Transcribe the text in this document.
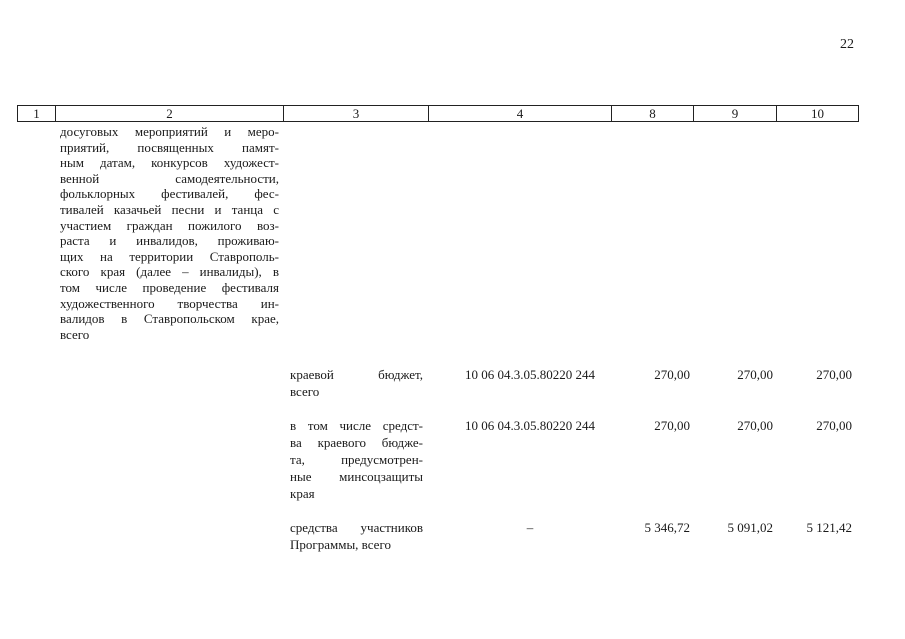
22
1	2	3	4	8	9	10
досуговых мероприятий и меро-
приятий, посвященных памят-
ным датам, конкурсов художест-
венной самодеятельности,
фольклорных фестивалей, фес-
тивалей казачьей песни и танца с
участием граждан пожилого воз-
раста и инвалидов, проживаю-
щих на территории Ставрополь-
ского края (далее – инвалиды), в
том числе проведение фестиваля
художественного творчества ин-
валидов в Ставропольском крае,
всего
краевой бюджет,
всего
10 06 04.3.05.80220 244	270,00	270,00	270,00
в том числе средст-
ва краевого бюдже-
та, предусмотрен-
ные минсоцзащиты
края
10 06 04.3.05.80220 244	270,00	270,00	270,00
средства участников
Программы, всего
–	5 346,72	5 091,02	5 121,42
